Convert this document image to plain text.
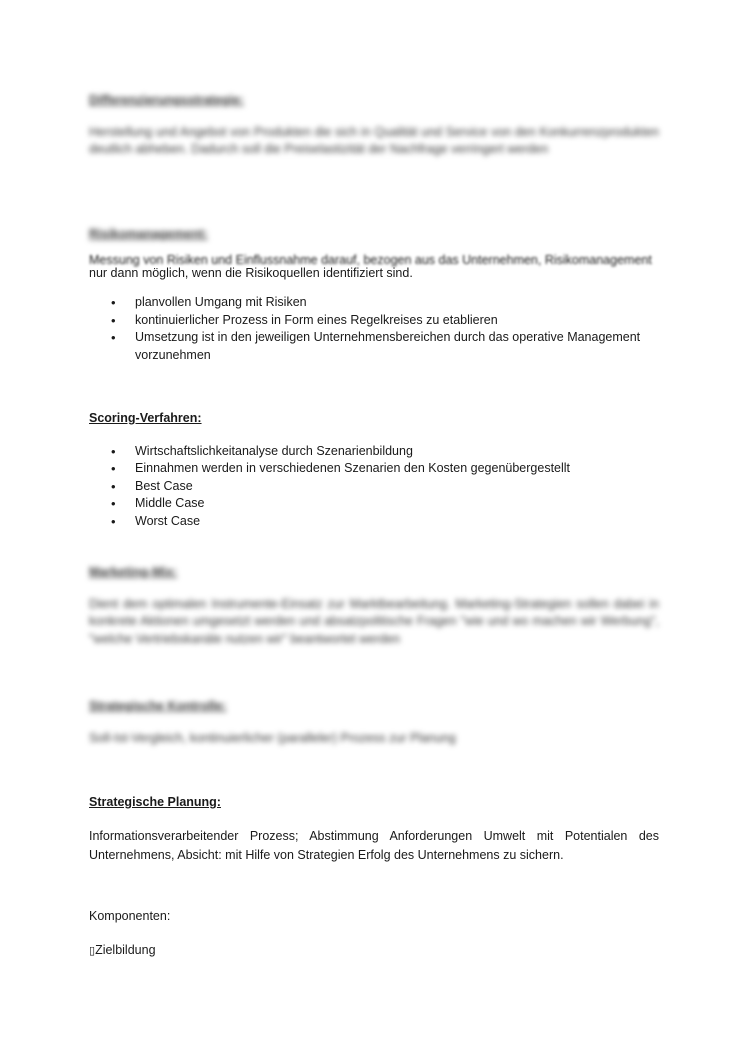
Differenzierungsstrategie:

Herstellung und Angebot von Produkten die sich in Qualität und Service von den Konkurrenzprodukten deutlich abheben. Dadurch soll die Preiselastizität der Nachfrage verringert werden

Risikomanagement:

Messung von Risiken und Einflussnahme darauf, bezogen aus das Unternehmen, Risikomanagement

nur dann möglich, wenn die Risikoquellen identifiziert sind.

• planvollen Umgang mit Risiken
• kontinuierlicher Prozess in Form eines Regelkreises zu etablieren
• Umsetzung ist in den jeweiligen Unternehmensbereichen durch das operative Management vorzunehmen

Scoring-Verfahren:

• Wirtschaftslichkeitanalyse durch Szenarienbildung
• Einnahmen werden in verschiedenen Szenarien den Kosten gegenübergestellt
• Best Case
• Middle Case
• Worst Case

Marketing-Mix:

Dient dem optimalen Instrumente-Einsatz zur Marktbearbeitung. Marketing-Strategien sollen dabei in konkrete Aktionen umgesetzt werden und absatzpolitische Fragen "wie und wo machen wir Werbung", "welche Vertriebskanäle nutzen wir" beantwortet werden

Strategische Kontrolle:

Soll-Ist-Vergleich, kontinuierlicher (paralleler) Prozess zur Planung

Strategische Planung:

Informationsverarbeitender Prozess; Abstimmung Anforderungen Umwelt mit Potentialen des Unternehmens, Absicht: mit Hilfe von Strategien Erfolg des Unternehmens zu sichern.

Komponenten:

▯Zielbildung
